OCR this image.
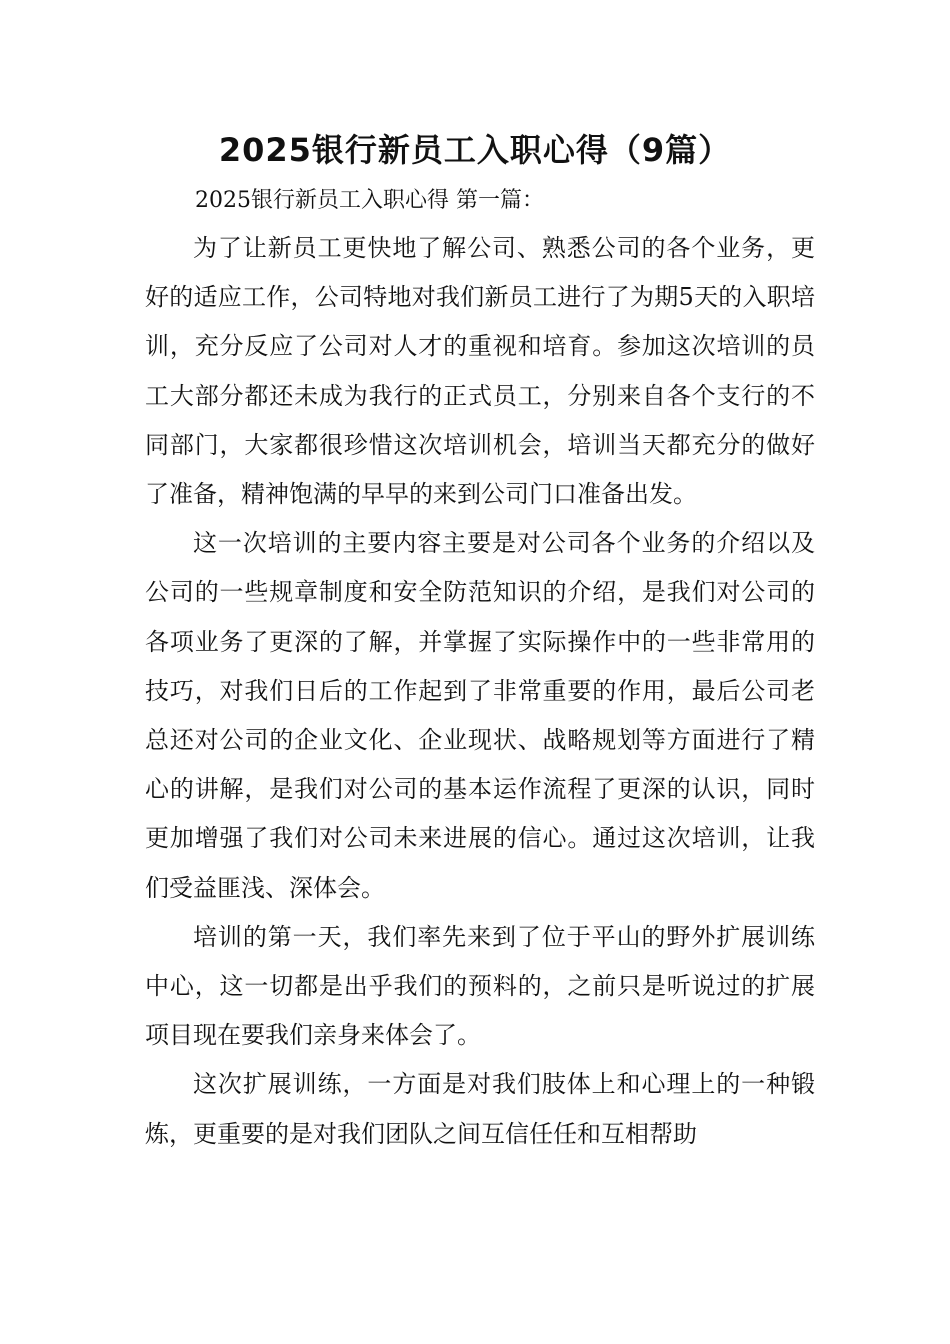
2025银行新员工入职心得（9篇）
2025银行新员工入职心得 第一篇：

为了让新员工更快地了解公司、熟悉公司的各个业务，更好的适应工作，公司特地对我们新员工进行了为期5天的入职培训，充分反应了公司对人才的重视和培育。参加这次培训的员工大部分都还未成为我行的正式员工，分别来自各个支行的不同部门，大家都很珍惜这次培训机会，培训当天都充分的做好了准备，精神饱满的早早的来到公司门口准备出发。

这一次培训的主要内容主要是对公司各个业务的介绍以及公司的一些规章制度和安全防范知识的介绍，是我们对公司的各项业务了更深的了解，并掌握了实际操作中的一些非常用的技巧，对我们日后的工作起到了非常重要的作用，最后公司老总还对公司的企业文化、企业现状、战略规划等方面进行了精心的讲解，是我们对公司的基本运作流程了更深的认识，同时更加增强了我们对公司未来进展的信心。通过这次培训，让我们受益匪浅、深体会。

培训的第一天，我们率先来到了位于平山的野外扩展训练中心，这一切都是出乎我们的预料的，之前只是听说过的扩展项目现在要我们亲身来体会了。

这次扩展训练，一方面是对我们肢体上和心理上的一种锻炼，更重要的是对我们团队之间互信任任和互相帮助
